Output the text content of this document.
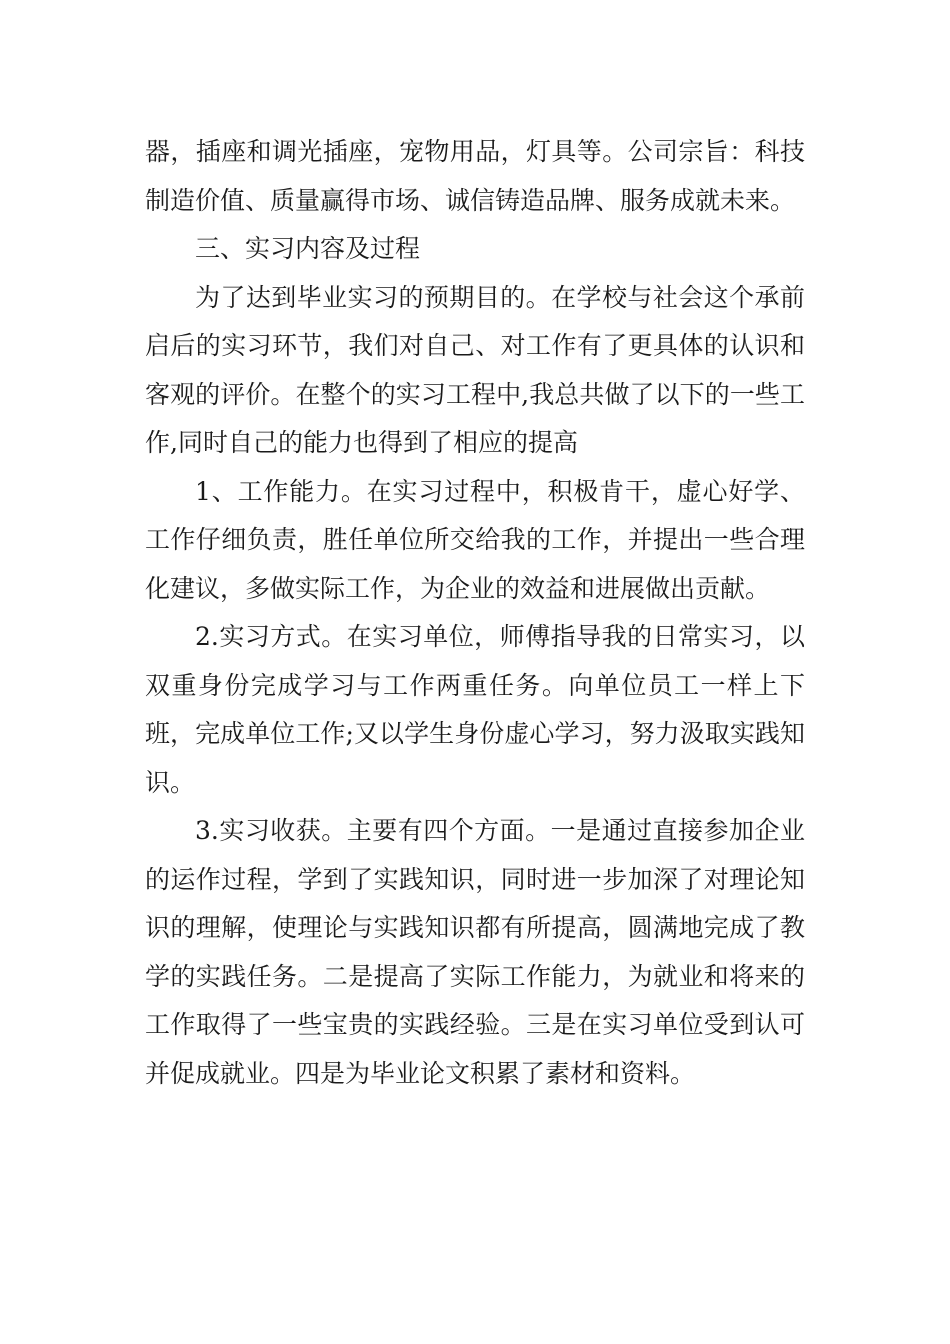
器，插座和调光插座，宠物用品，灯具等。公司宗旨：科技制造价值、质量赢得市场、诚信铸造品牌、服务成就未来。

三、实习内容及过程

为了达到毕业实习的预期目的。在学校与社会这个承前启后的实习环节，我们对自己、对工作有了更具体的认识和客观的评价。在整个的实习工程中,我总共做了以下的一些工作,同时自己的能力也得到了相应的提高

1、工作能力。在实习过程中，积极肯干，虚心好学、工作仔细负责，胜任单位所交给我的工作，并提出一些合理化建议，多做实际工作，为企业的效益和进展做出贡献。

2.实习方式。在实习单位，师傅指导我的日常实习，以双重身份完成学习与工作两重任务。向单位员工一样上下班，完成单位工作;又以学生身份虚心学习，努力汲取实践知识。

3.实习收获。主要有四个方面。一是通过直接参加企业的运作过程，学到了实践知识，同时进一步加深了对理论知识的理解，使理论与实践知识都有所提高，圆满地完成了教学的实践任务。二是提高了实际工作能力，为就业和将来的工作取得了一些宝贵的实践经验。三是在实习单位受到认可并促成就业。四是为毕业论文积累了素材和资料。
